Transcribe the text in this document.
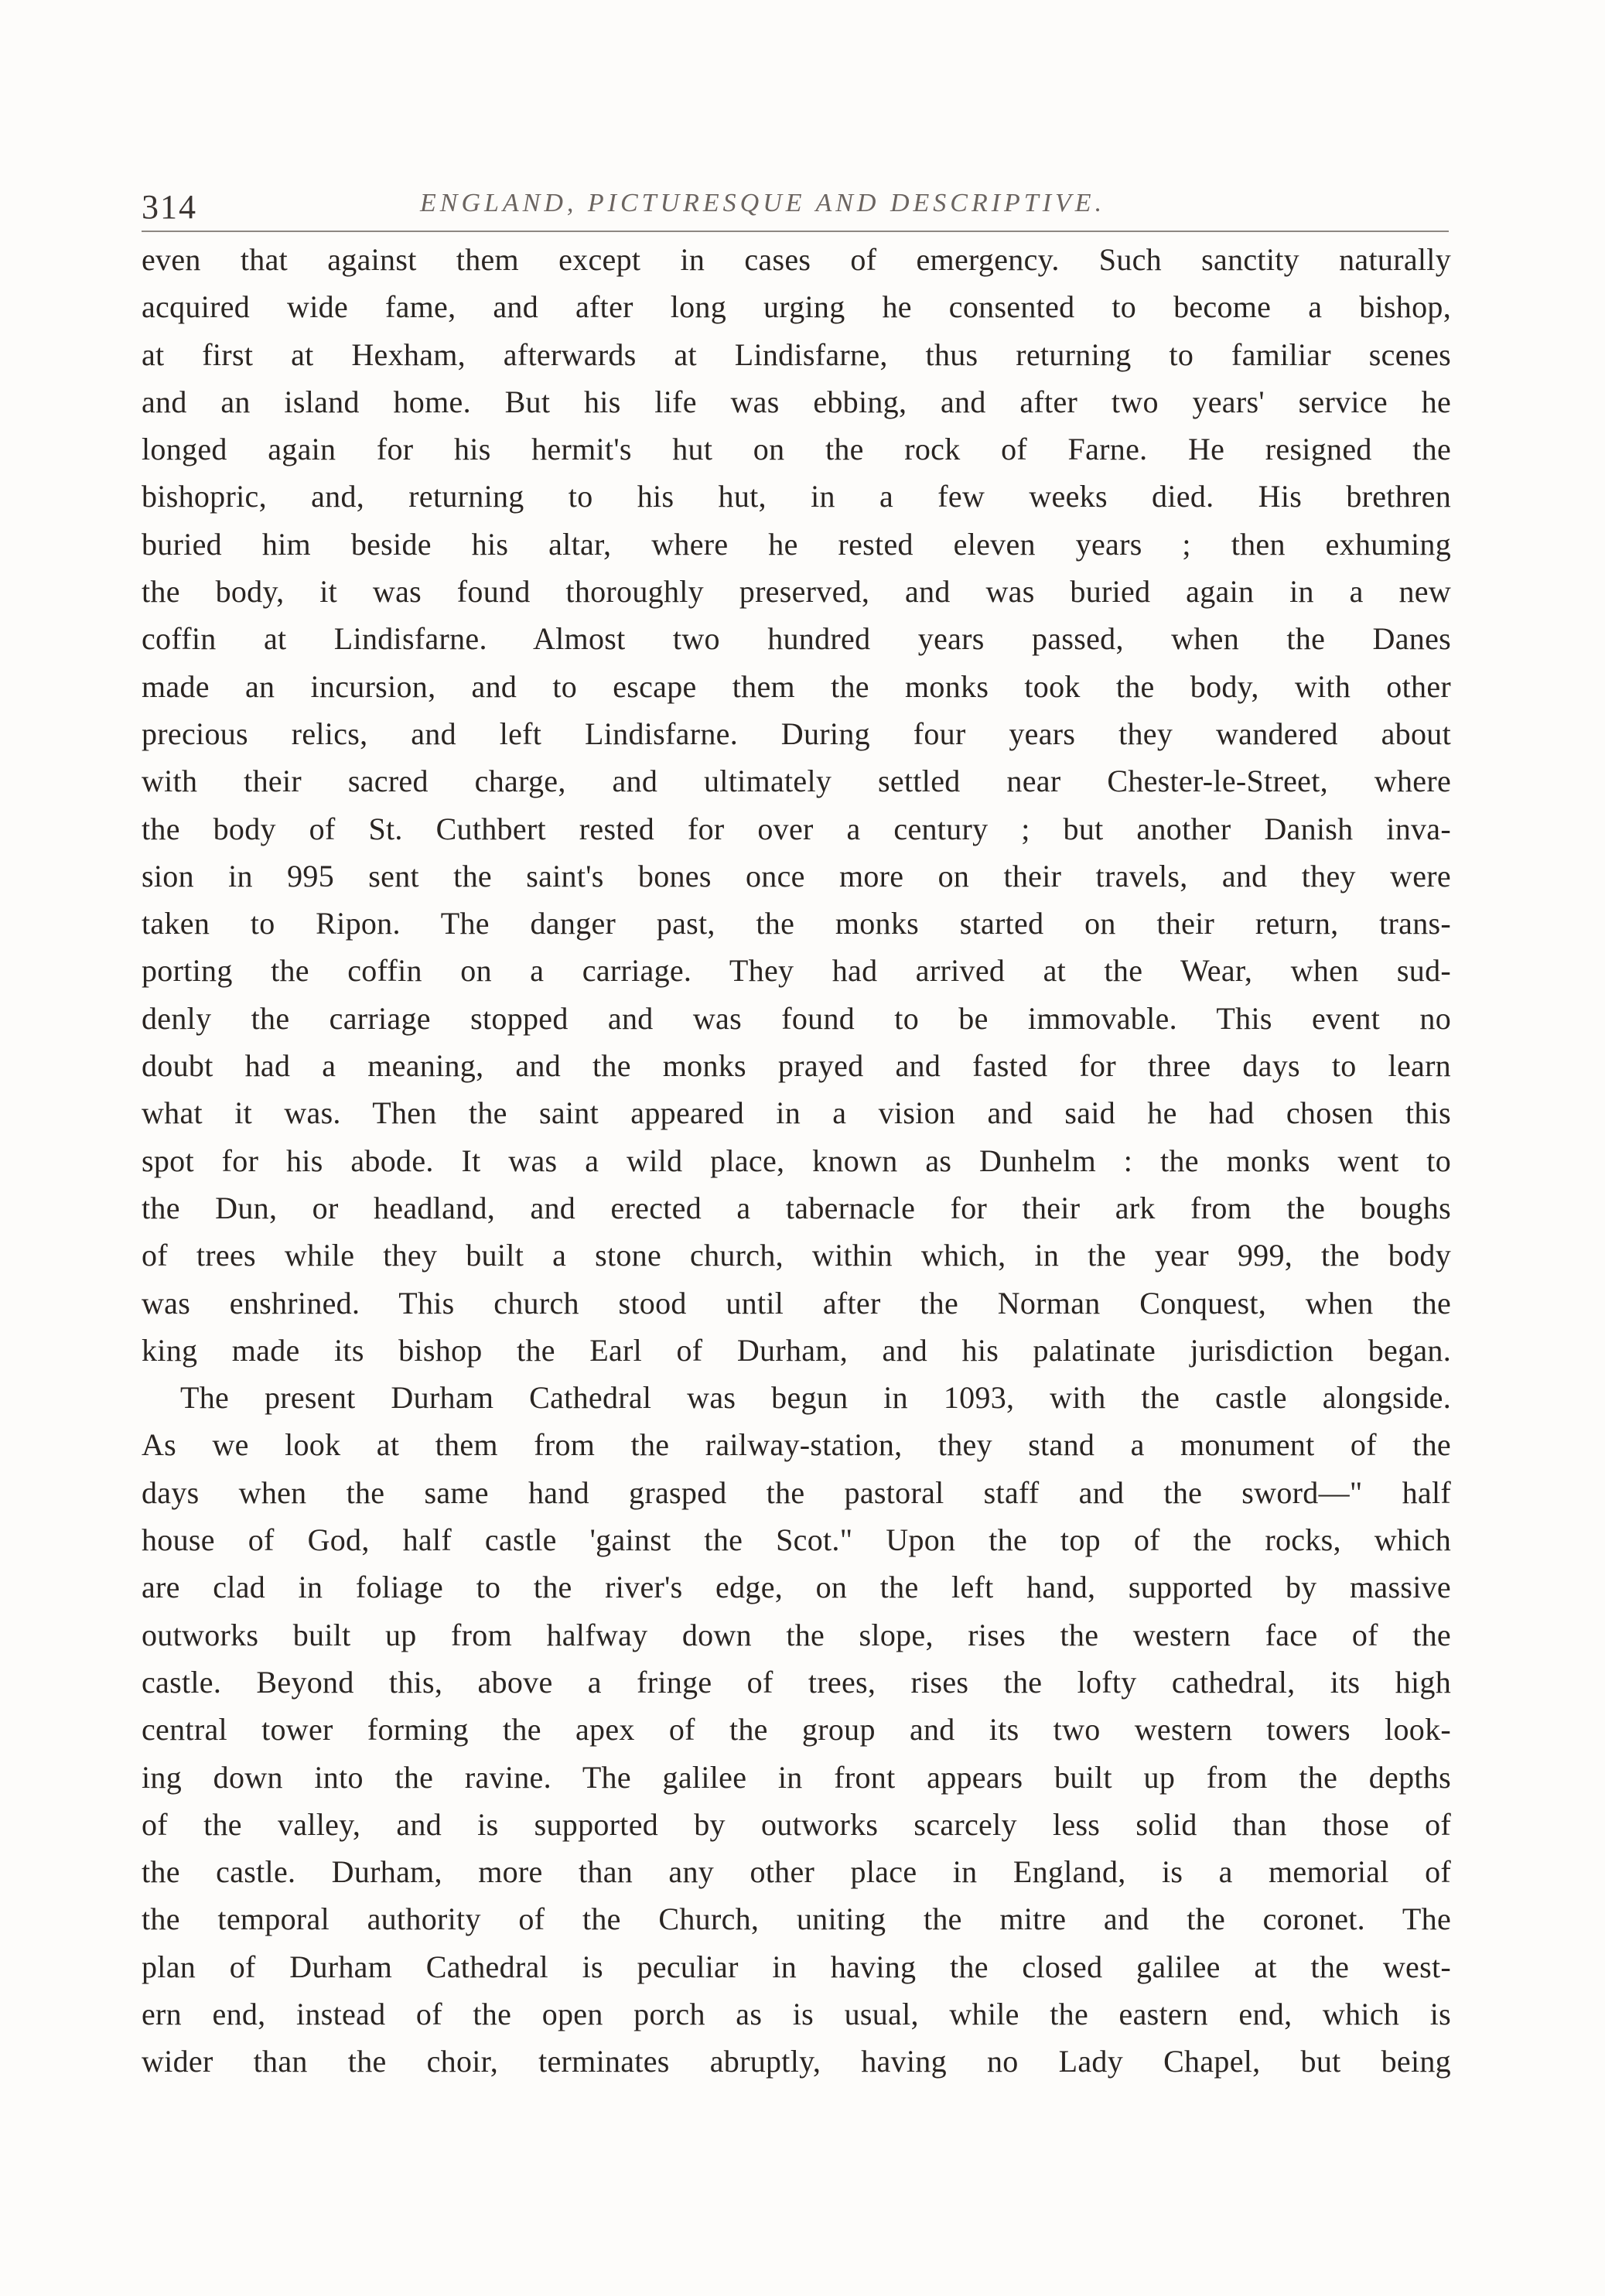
314	ENGLAND, PICTURESQUE AND DESCRIPTIVE.
even that against them except in cases of emergency. Such sanctity naturally
acquired wide fame, and after long urging he consented to become a bishop,
at first at Hexham, afterwards at Lindisfarne, thus returning to familiar scenes
and an island home. But his life was ebbing, and after two years' service he
longed again for his hermit's hut on the rock of Farne. He resigned the
bishopric, and, returning to his hut, in a few weeks died. His brethren
buried him beside his altar, where he rested eleven years ; then exhuming
the body, it was found thoroughly preserved, and was buried again in a new
coffin at Lindisfarne. Almost two hundred years passed, when the Danes
made an incursion, and to escape them the monks took the body, with other
precious relics, and left Lindisfarne. During four years they wandered about
with their sacred charge, and ultimately settled near Chester-le-Street, where
the body of St. Cuthbert rested for over a century ; but another Danish inva-
sion in 995 sent the saint's bones once more on their travels, and they were
taken to Ripon. The danger past, the monks started on their return, trans-
porting the coffin on a carriage. They had arrived at the Wear, when sud-
denly the carriage stopped and was found to be immovable. This event no
doubt had a meaning, and the monks prayed and fasted for three days to learn
what it was. Then the saint appeared in a vision and said he had chosen this
spot for his abode. It was a wild place, known as Dunhelm : the monks went to
the Dun, or headland, and erected a tabernacle for their ark from the boughs
of trees while they built a stone church, within which, in the year 999, the body
was enshrined. This church stood until after the Norman Conquest, when the
king made its bishop the Earl of Durham, and his palatinate jurisdiction began.
The present Durham Cathedral was begun in 1093, with the castle alongside.
As we look at them from the railway-station, they stand a monument of the
days when the same hand grasped the pastoral staff and the sword—" half
house of God, half castle 'gainst the Scot." Upon the top of the rocks, which
are clad in foliage to the river's edge, on the left hand, supported by massive
outworks built up from halfway down the slope, rises the western face of the
castle. Beyond this, above a fringe of trees, rises the lofty cathedral, its high
central tower forming the apex of the group and its two western towers look-
ing down into the ravine. The galilee in front appears built up from the depths
of the valley, and is supported by outworks scarcely less solid than those of
the castle. Durham, more than any other place in England, is a memorial of
the temporal authority of the Church, uniting the mitre and the coronet. The
plan of Durham Cathedral is peculiar in having the closed galilee at the west-
ern end, instead of the open porch as is usual, while the eastern end, which is
wider than the choir, terminates abruptly, having no Lady Chapel, but being
